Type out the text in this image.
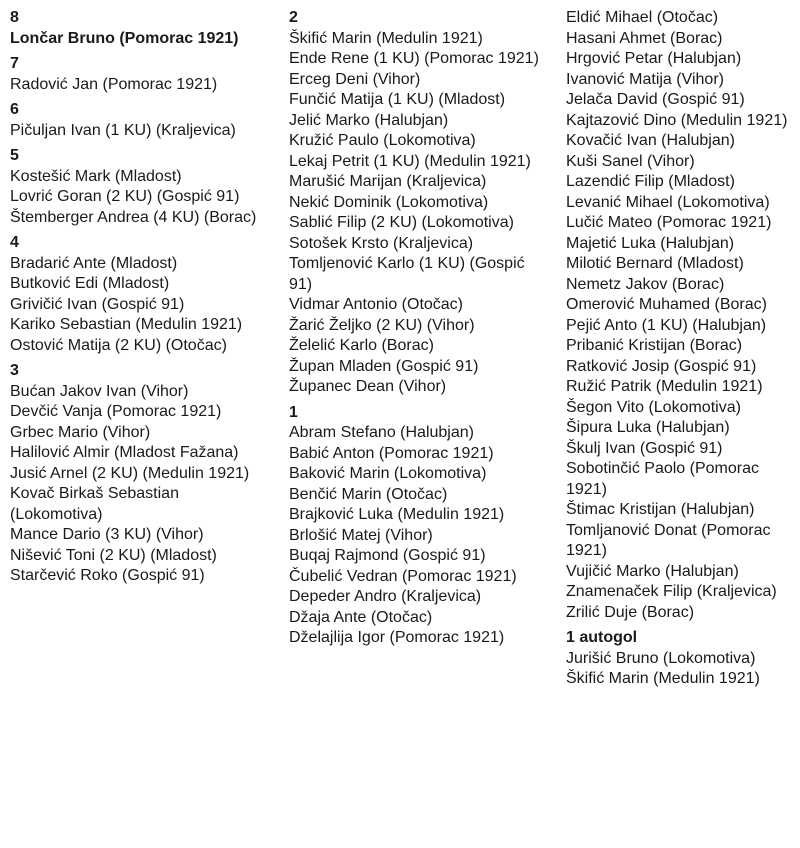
8
Lončar Bruno (Pomorac 1921)
7
Radović Jan (Pomorac 1921)
6
Pičuljan Ivan (1 KU) (Kraljevica)
5
Kostešić Mark (Mladost)
Lovrić Goran (2 KU) (Gospić 91)
Štemberger Andrea (4 KU) (Borac)
4
Bradarić Ante (Mladost)
Butković Edi (Mladost)
Grivičić Ivan (Gospić 91)
Kariko Sebastian (Medulin 1921)
Ostović Matija (2 KU) (Otočac)
3
Bućan Jakov Ivan (Vihor)
Devčić Vanja (Pomorac 1921)
Grbec Mario (Vihor)
Halilović Almir (Mladost Fažana)
Jusić Arnel (2 KU) (Medulin 1921)
Kovač Birkaš Sebastian (Lokomotiva)
Mance Dario (3 KU) (Vihor)
Nišević Toni (2 KU) (Mladost)
Starčević Roko (Gospić 91)
2
Škifić Marin (Medulin 1921)
Ende Rene (1 KU) (Pomorac 1921)
Erceg Deni (Vihor)
Funčić Matija (1 KU) (Mladost)
Jelić Marko (Halubjan)
Kružić Paulo (Lokomotiva)
Lekaj Petrit (1 KU) (Medulin 1921)
Marušić Marijan (Kraljevica)
Nekić Dominik (Lokomotiva)
Sablić Filip (2 KU) (Lokomotiva)
Sotošek Krsto (Kraljevica)
Tomljenović Karlo (1 KU) (Gospić 91)
Vidmar Antonio (Otočac)
Žarić Željko (2 KU) (Vihor)
Želelić Karlo (Borac)
Župan Mladen (Gospić 91)
Županec Dean (Vihor)
1
Abram Stefano (Halubjan)
Babić Anton (Pomorac 1921)
Baković Marin (Lokomotiva)
Benčić Marin (Otočac)
Brajković Luka (Medulin 1921)
Brlošić Matej (Vihor)
Buqaj Rajmond (Gospić 91)
Čubelić Vedran (Pomorac 1921)
Depeder Andro (Kraljevica)
Džaja Ante (Otočac)
Dželajlija Igor (Pomorac 1921)
Eldić Mihael (Otočac)
Hasani Ahmet (Borac)
Hrgović Petar (Halubjan)
Ivanović Matija (Vihor)
Jelača David (Gospić 91)
Kajtazović Dino (Medulin 1921)
Kovačić Ivan (Halubjan)
Kuši Sanel (Vihor)
Lazendić Filip (Mladost)
Levanić Mihael (Lokomotiva)
Lučić Mateo (Pomorac 1921)
Majetić Luka (Halubjan)
Milotić Bernard (Mladost)
Nemetz Jakov (Borac)
Omerović Muhamed (Borac)
Pejić Anto (1 KU) (Halubjan)
Pribanić Kristijan (Borac)
Ratković Josip (Gospić 91)
Ružić Patrik (Medulin 1921)
Šegon Vito (Lokomotiva)
Šipura Luka (Halubjan)
Škulj Ivan (Gospić 91)
Sobotinčić Paolo (Pomorac 1921)
Štimac Kristijan (Halubjan)
Tomljanović Donat (Pomorac 1921)
Vujičić Marko (Halubjan)
Znamenaček Filip (Kraljevica)
Zrilić Duje (Borac)
1 autogol
Jurišić Bruno (Lokomotiva)
Škifić Marin (Medulin 1921)
